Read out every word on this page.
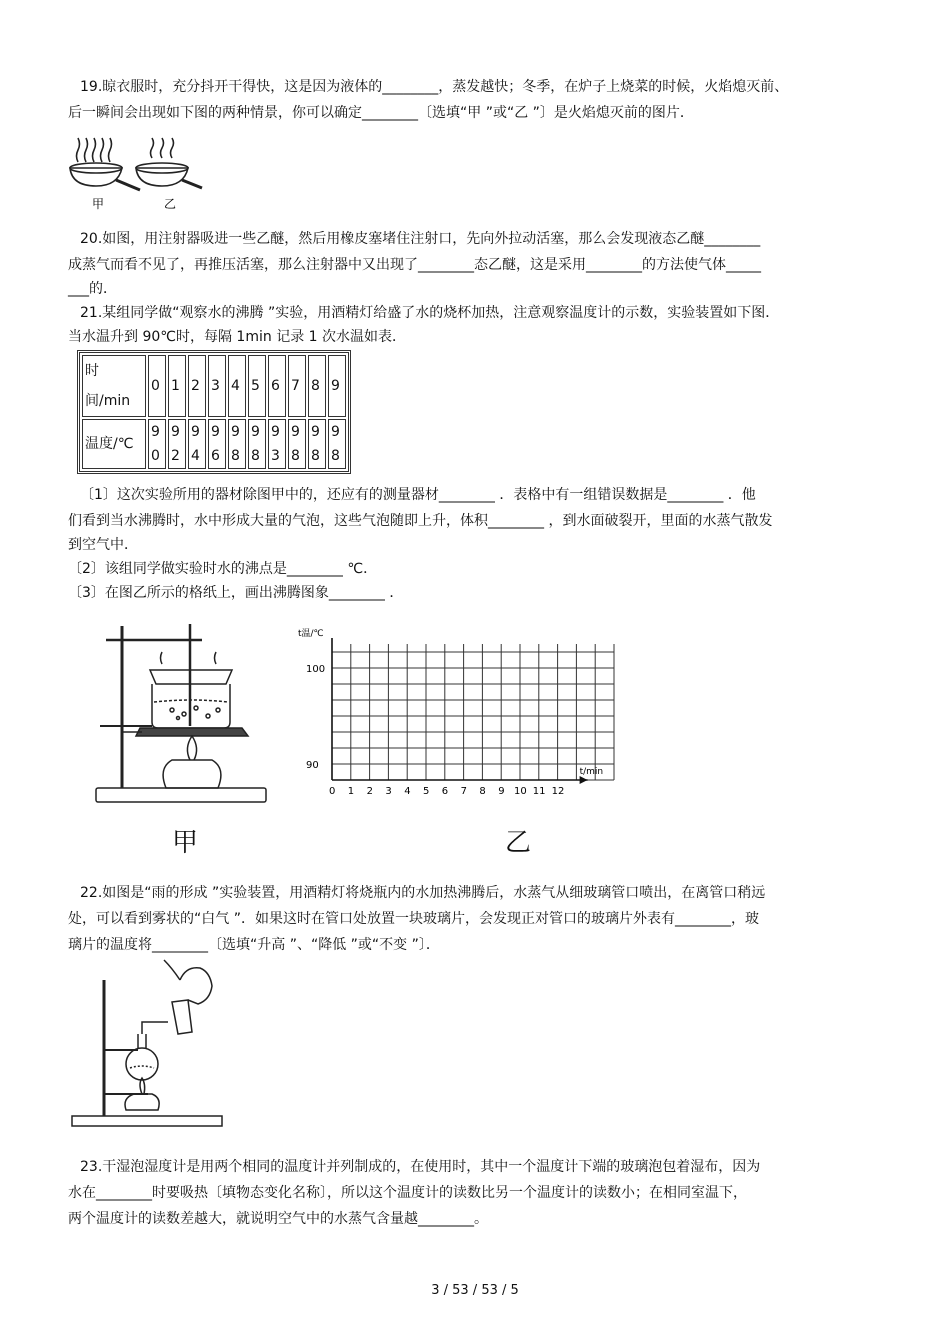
19.晾衣服时，充分抖开干得快，这是因为液体的________，蒸发越快；冬季，在炉子上烧菜的时候，火焰熄灭前、
后一瞬间会出现如下图的两种情景，你可以确定________〔选填“甲 ”或“乙 ”〕是火焰熄灭前的图片．
甲	乙
20.如图，用注射器吸进一些乙醚，然后用橡皮塞堵住注射口，先向外拉动活塞，那么会发现液态乙醚________
成蒸气而看不见了，再推压活塞，那么注射器中又出现了________态乙醚，这是采用________的方法使气体_____
___的．
21.某组同学做“观察水的沸腾 ”实验，用酒精灯给盛了水的烧杯加热，注意观察温度计的示数，实验装置如下图．
当水温升到 90℃时，每隔 1min 记录 1 次水温如表．
时间/min	0	1	2	3	4	5	6	7	8	9
温度/℃	90	92	94	96	98	98	93	98	98	98
〔1〕这次实验所用的器材除图甲中的，还应有的测量器材________ ．表格中有一组错误数据是________ ．他
们看到当水沸腾时，水中形成大量的气泡，这些气泡随即上升，体积________ ，到水面破裂开，里面的水蒸气散发
到空气中．
〔2〕该组同学做实验时水的沸点是________ ℃．
〔3〕在图乙所示的格纸上，画出沸腾图象________ ．
甲
t温/℃
t/min
100
90
0 1 2 3 4 5 6 7 8 9 10 11 12
乙
22.如图是“雨的形成 ”实验装置，用酒精灯将烧瓶内的水加热沸腾后，水蒸气从细玻璃管口喷出，在离管口稍远
处，可以看到雾状的“白气 ”．如果这时在管口处放置一块玻璃片，会发现正对管口的玻璃片外表有________，玻
璃片的温度将________〔选填“升高 ”、“降低 ”或“不变 ”〕．
23.干湿泡湿度计是用两个相同的温度计并列制成的，在使用时，其中一个温度计下端的玻璃泡包着湿布，因为
水在________时要吸热〔填物态变化名称〕，所以这个温度计的读数比另一个温度计的读数小；在相同室温下，
两个温度计的读数差越大，就说明空气中的水蒸气含量越________。
3 / 53 / 53 / 5
